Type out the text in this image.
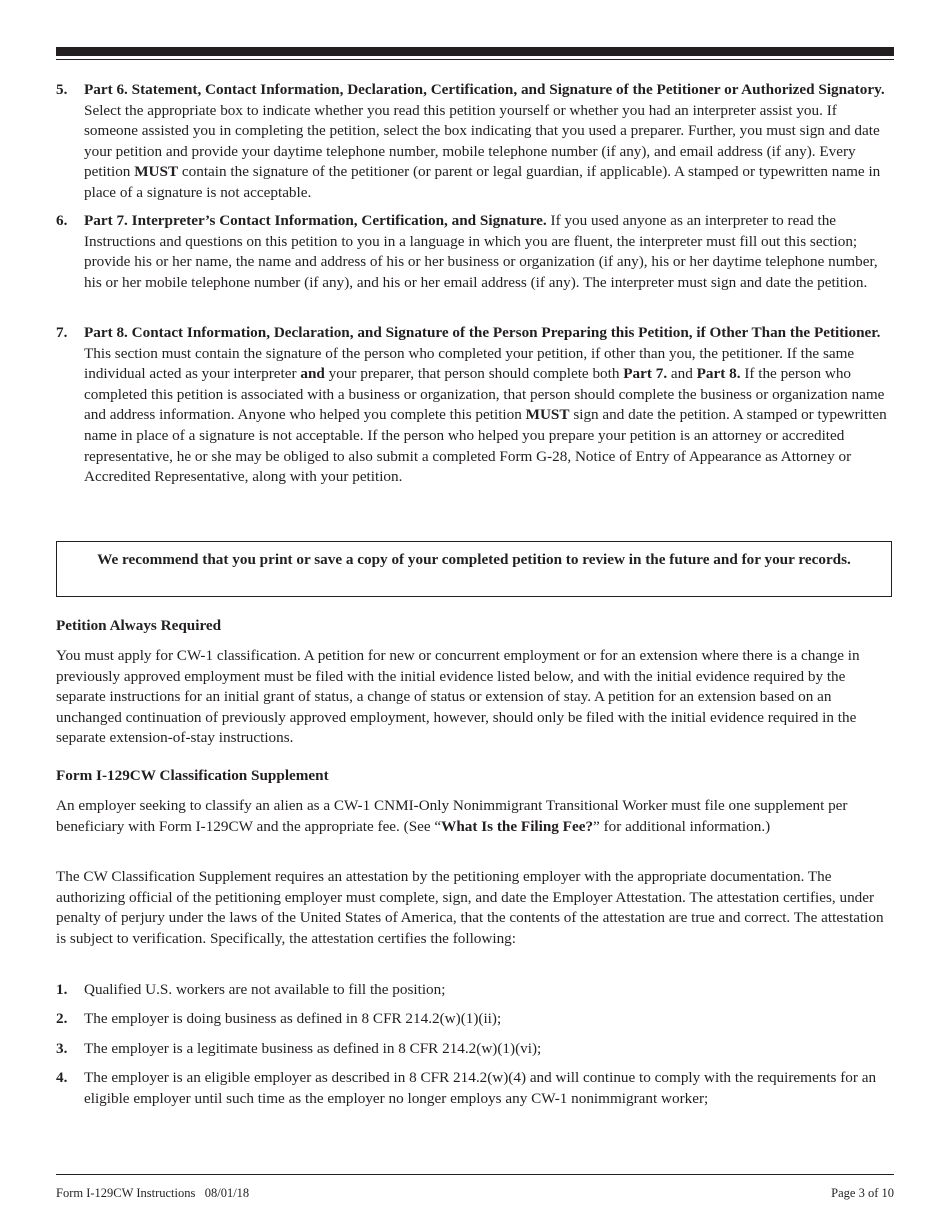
5. Part 6. Statement, Contact Information, Declaration, Certification, and Signature of the Petitioner or Authorized Signatory. Select the appropriate box to indicate whether you read this petition yourself or whether you had an interpreter assist you. If someone assisted you in completing the petition, select the box indicating that you used a preparer. Further, you must sign and date your petition and provide your daytime telephone number, mobile telephone number (if any), and email address (if any). Every petition MUST contain the signature of the petitioner (or parent or legal guardian, if applicable). A stamped or typewritten name in place of a signature is not acceptable.
6. Part 7. Interpreter’s Contact Information, Certification, and Signature. If you used anyone as an interpreter to read the Instructions and questions on this petition to you in a language in which you are fluent, the interpreter must fill out this section; provide his or her name, the name and address of his or her business or organization (if any), his or her daytime telephone number, his or her mobile telephone number (if any), and his or her email address (if any). The interpreter must sign and date the petition.
7. Part 8. Contact Information, Declaration, and Signature of the Person Preparing this Petition, if Other Than the Petitioner. This section must contain the signature of the person who completed your petition, if other than you, the petitioner. If the same individual acted as your interpreter and your preparer, that person should complete both Part 7. and Part 8. If the person who completed this petition is associated with a business or organization, that person should complete the business or organization name and address information. Anyone who helped you complete this petition MUST sign and date the petition. A stamped or typewritten name in place of a signature is not acceptable. If the person who helped you prepare your petition is an attorney or accredited representative, he or she may be obliged to also submit a completed Form G-28, Notice of Entry of Appearance as Attorney or Accredited Representative, along with your petition.
We recommend that you print or save a copy of your completed petition to review in the future and for your records.
Petition Always Required
You must apply for CW-1 classification. A petition for new or concurrent employment or for an extension where there is a change in previously approved employment must be filed with the initial evidence listed below, and with the initial evidence required by the separate instructions for an initial grant of status, a change of status or extension of stay. A petition for an extension based on an unchanged continuation of previously approved employment, however, should only be filed with the initial evidence required in the separate extension-of-stay instructions.
Form I-129CW Classification Supplement
An employer seeking to classify an alien as a CW-1 CNMI-Only Nonimmigrant Transitional Worker must file one supplement per beneficiary with Form I-129CW and the appropriate fee. (See “What Is the Filing Fee?” for additional information.)
The CW Classification Supplement requires an attestation by the petitioning employer with the appropriate documentation. The authorizing official of the petitioning employer must complete, sign, and date the Employer Attestation. The attestation certifies, under penalty of perjury under the laws of the United States of America, that the contents of the attestation are true and correct. The attestation is subject to verification. Specifically, the attestation certifies the following:
1. Qualified U.S. workers are not available to fill the position;
2. The employer is doing business as defined in 8 CFR 214.2(w)(1)(ii);
3. The employer is a legitimate business as defined in 8 CFR 214.2(w)(1)(vi);
4. The employer is an eligible employer as described in 8 CFR 214.2(w)(4) and will continue to comply with the requirements for an eligible employer until such time as the employer no longer employs any CW-1 nonimmigrant worker;
Form I-129CW Instructions   08/01/18	Page 3 of 10
